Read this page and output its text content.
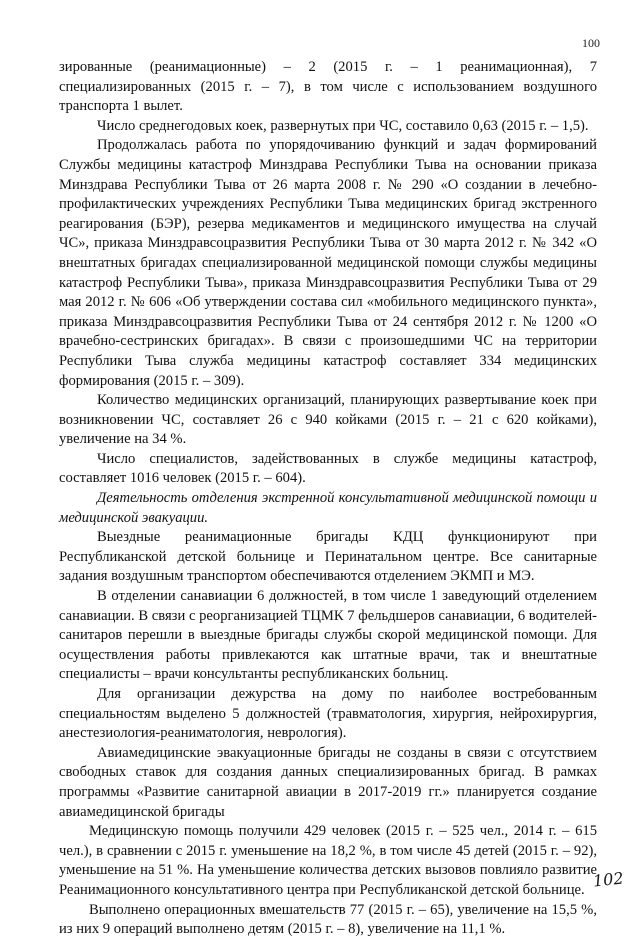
100

зированные (реанимационные) – 2 (2015 г. – 1 реанимационная), 7 специализированных (2015 г. – 7), в том числе с использованием воздушного транспорта 1 вылет.

Число среднегодовых коек, развернутых при ЧС, составило 0,63 (2015 г. – 1,5).

Продолжалась работа по упорядочиванию функций и задач формирований Службы медицины катастроф Минздрава Республики Тыва на основании приказа Минздрава Республики Тыва от 26 марта 2008 г. № 290 «О создании в лечебно-профилактических учреждениях Республики Тыва медицинских бригад экстренного реагирования (БЭР), резерва медикаментов и медицинского имущества на случай ЧС», приказа Минздравсоцразвития Республики Тыва от 30 марта 2012 г. № 342 «О внештатных бригадах специализированной медицинской помощи службы медицины катастроф Республики Тыва», приказа Минздравсоцразвития Республики Тыва от 29 мая 2012 г. № 606 «Об утверждении состава сил «мобильного медицинского пункта», приказа Минздравсоцразвития Республики Тыва от 24 сентября 2012 г. № 1200 «О врачебно-сестринских бригадах». В связи с произошедшими ЧС на территории Республики Тыва служба медицины катастроф составляет 334 медицинских формирования (2015 г. – 309).

Количество медицинских организаций, планирующих развертывание коек при возникновении ЧС, составляет 26 с 940 койками (2015 г. – 21 с 620 койками), увеличение на 34 %.

Число специалистов, задействованных в службе медицины катастроф, составляет 1016 человек (2015 г. – 604).

Деятельность отделения экстренной консультативной медицинской помощи и медицинской эвакуации.

Выездные реанимационные бригады КДЦ функционируют при Республиканской детской больнице и Перинатальном центре. Все санитарные задания воздушным транспортом обеспечиваются отделением ЭКМП и МЭ.

В отделении санавиации 6 должностей, в том числе 1 заведующий отделением санавиации. В связи с реорганизацией ТЦМК 7 фельдшеров санавиации, 6 водителей-санитаров перешли в выездные бригады службы скорой медицинской помощи. Для осуществления работы привлекаются как штатные врачи, так и внештатные специалисты – врачи консультанты республиканских больниц.

Для организации дежурства на дому по наиболее востребованным специальностям выделено 5 должностей (травматология, хирургия, нейрохирургия, анестезиология-реаниматология, неврология).

Авиамедицинские эвакуационные бригады не созданы в связи с отсутствием свободных ставок для создания данных специализированных бригад. В рамках программы «Развитие санитарной авиации в 2017-2019 гг.» планируется создание авиамедицинской бригады

Медицинскую помощь получили 429 человек (2015 г. – 525 чел., 2014 г. – 615 чел.), в сравнении с 2015 г. уменьшение на 18,2 %, в том числе 45 детей (2015 г. – 92), уменьшение на 51 %. На уменьшение количества детских вызовов повлияло развитие Реанимационного консультативного центра при Республиканской детской больнице.

Выполнено операционных вмешательств 77 (2015 г. – 65), увеличение на 15,5 %, из них 9 операций выполнено детям (2015 г. – 8), увеличение на 11,1 %.

102
